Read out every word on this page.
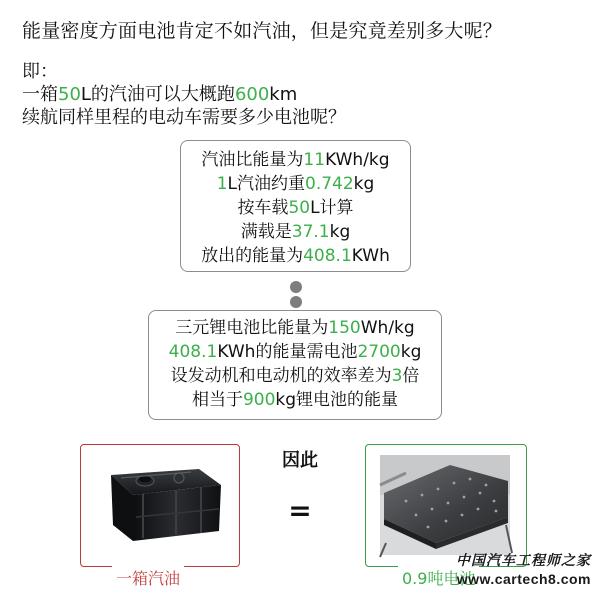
能量密度方面电池肯定不如汽油，但是究竟差别多大呢？
即：
一箱50L的汽油可以大概跑600km
续航同样里程的电动车需要多少电池呢？
汽油比能量为11KWh/kg
1L汽油约重0.742kg
按车载50L计算
满载是37.1kg
放出的能量为408.1KWh
三元锂电池比能量为150Wh/kg
408.1KWh的能量需电池2700kg
设发动机和电动机的效率差为3倍
相当于900kg锂电池的能量
因此
=
一箱汽油	0.9吨电池
中国汽车工程师之家
www.cartech8.com
